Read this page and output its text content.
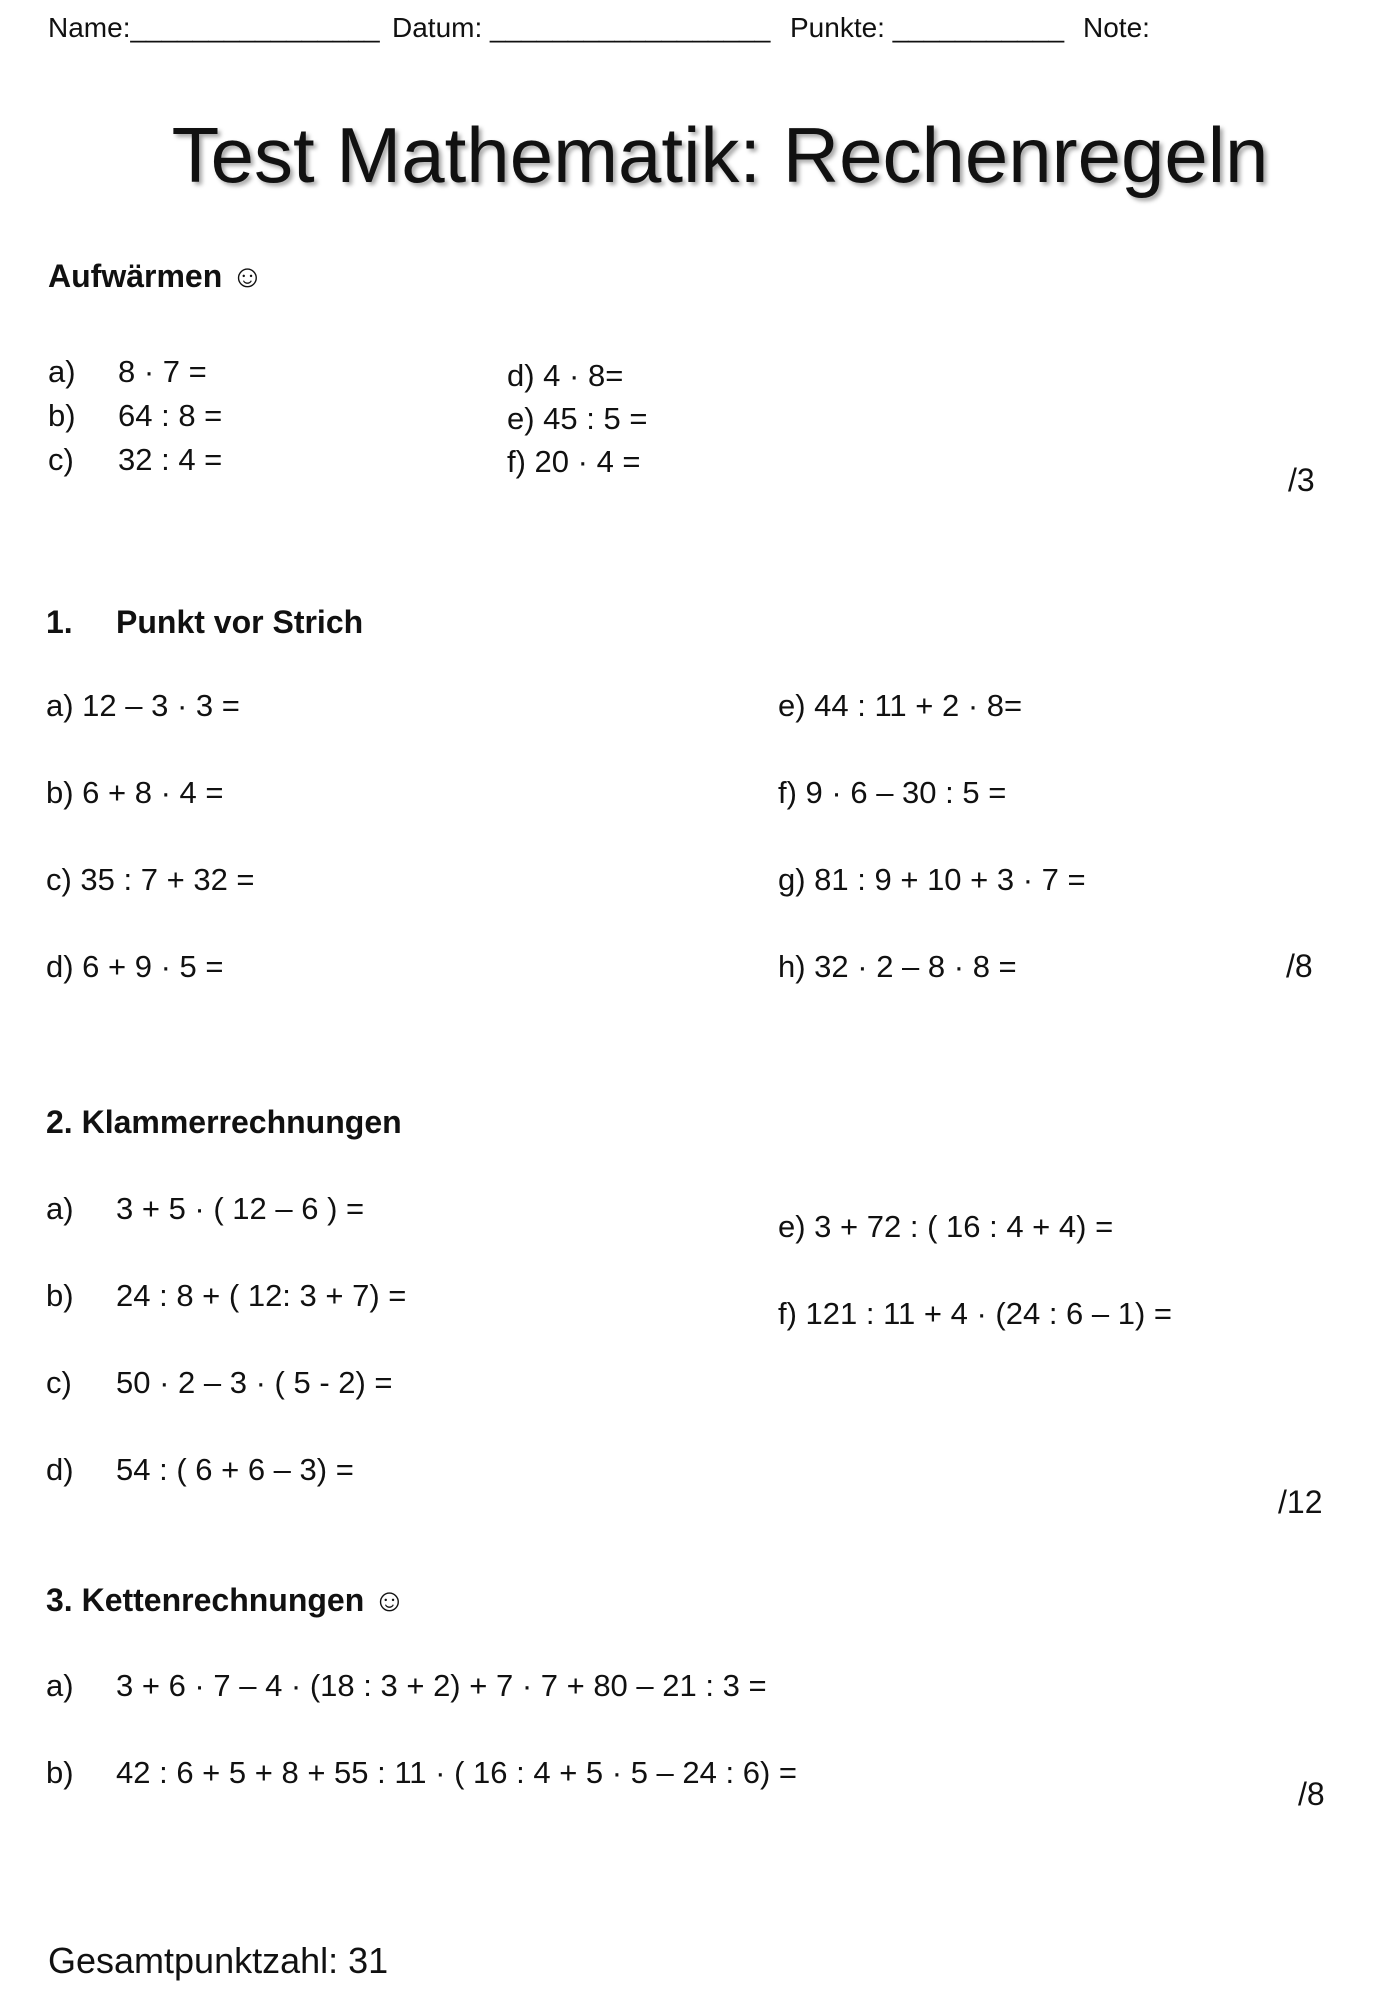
Name:________________ Datum: __________________ Punkte: ___________ Note:
Test Mathematik: Rechenregeln
Aufwärmen ☺
a) 8 · 7 =
b) 64 : 8 =
c) 32 : 4 =
d) 4 · 8=
e) 45 : 5 =
f) 20 · 4 =
/3
1. Punkt vor Strich
a) 12 – 3 · 3 =
b) 6 + 8 · 4 =
c) 35 : 7 + 32 =
d) 6 + 9 · 5 =
e) 44 : 11 + 2 · 8=
f) 9 · 6 – 30 : 5 =
g) 81 : 9 + 10 + 3 · 7 =
h) 32 · 2 – 8 · 8 =	/8
2. Klammerrechnungen
a) 3 + 5 · ( 12 – 6 ) =
b) 24 : 8 + ( 12: 3 + 7) =
c) 50 · 2 – 3 · ( 5 - 2) =
d) 54 : ( 6 + 6 – 3) =
e) 3 + 72 : ( 16 : 4 + 4) =
f) 121 : 11 + 4 · (24 : 6 – 1) =
/12
3. Kettenrechnungen ☺
a) 3 + 6 · 7 – 4 · (18 : 3 + 2) + 7 · 7 + 80 – 21 : 3 =
b) 42 : 6 + 5 + 8 + 55 : 11 · ( 16 : 4 + 5 · 5 – 24 : 6) =
/8
Gesamtpunktzahl: 31
